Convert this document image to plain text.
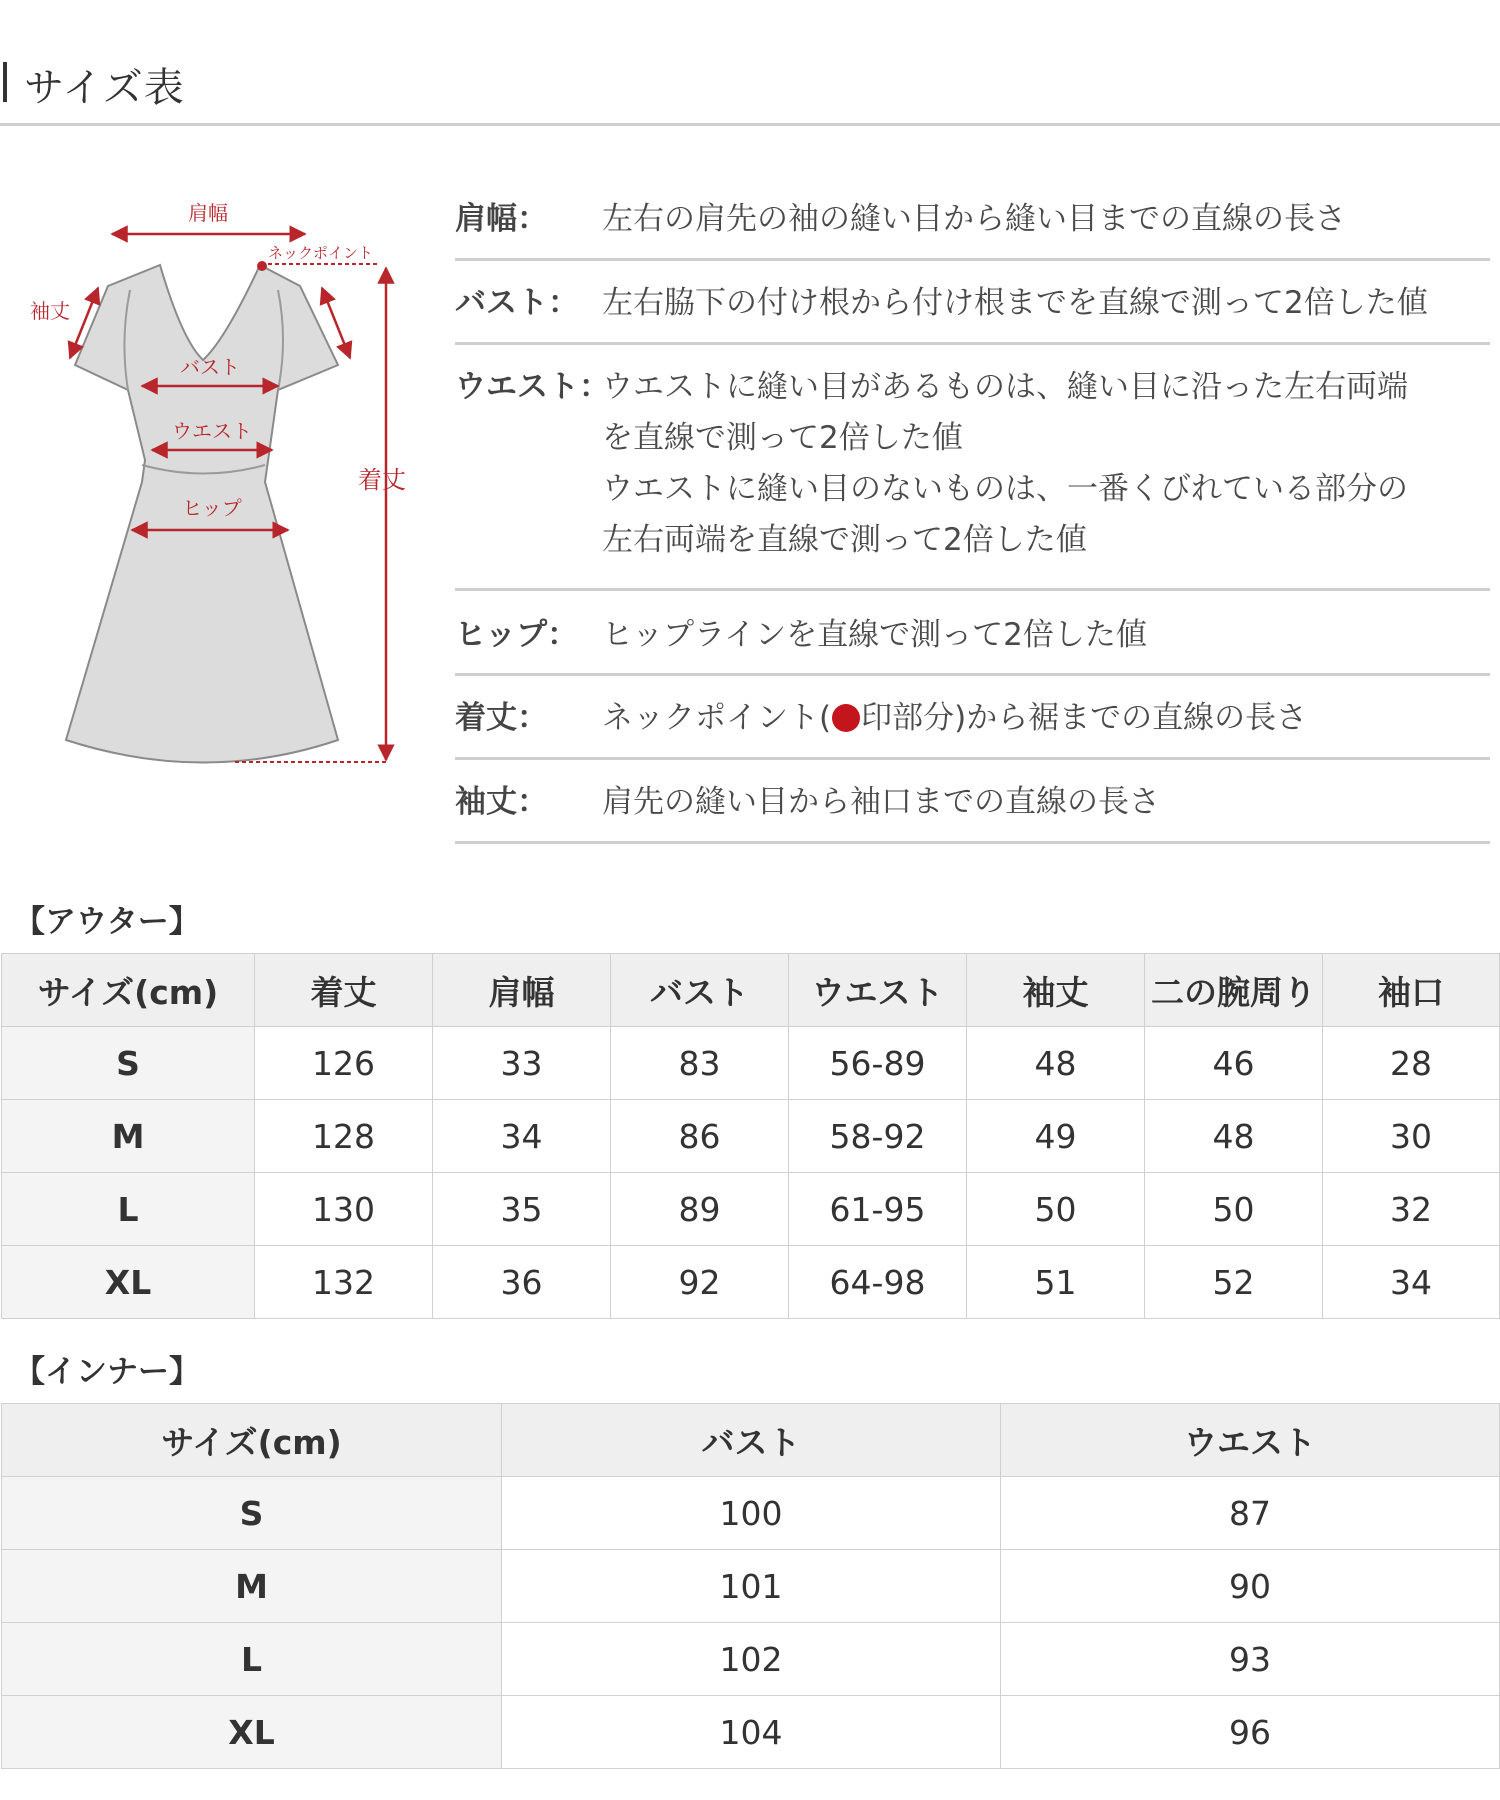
サイズ表
肩幅
ネックポイント
袖丈
バスト
ウエスト
ヒップ
着丈
肩幅：	左右の肩先の袖の縫い目から縫い目までの直線の長さ
バスト： 左右脇下の付け根から付け根までを直線で測って2倍した値
ウエスト：
ウエストに縫い目があるものは、縫い目に沿った左右両端
を直線で測って2倍した値
ウエストに縫い目のないものは、一番くびれている部分の
左右両端を直線で測って2倍した値
ヒップ： ヒップラインを直線で測って2倍した値
着丈：	ネックポイント( 印部分)から裾までの直線の長さ
袖丈：	肩先の縫い目から袖口までの直線の長さ
【アウター】
サイズ(cm)	着丈	肩幅	バスト	ウエスト	袖丈	二の腕周り	袖口
S	126	33	83	56-89	48	46	28
M	128	34	86	58-92	49	48	30
L	130	35	89	61-95	50	50	32
XL	132	36	92	64-98	51	52	34
【インナー】
サイズ(cm)	バスト	ウエスト
S	100	87
M	101	90
L	102	93
XL	104	96
